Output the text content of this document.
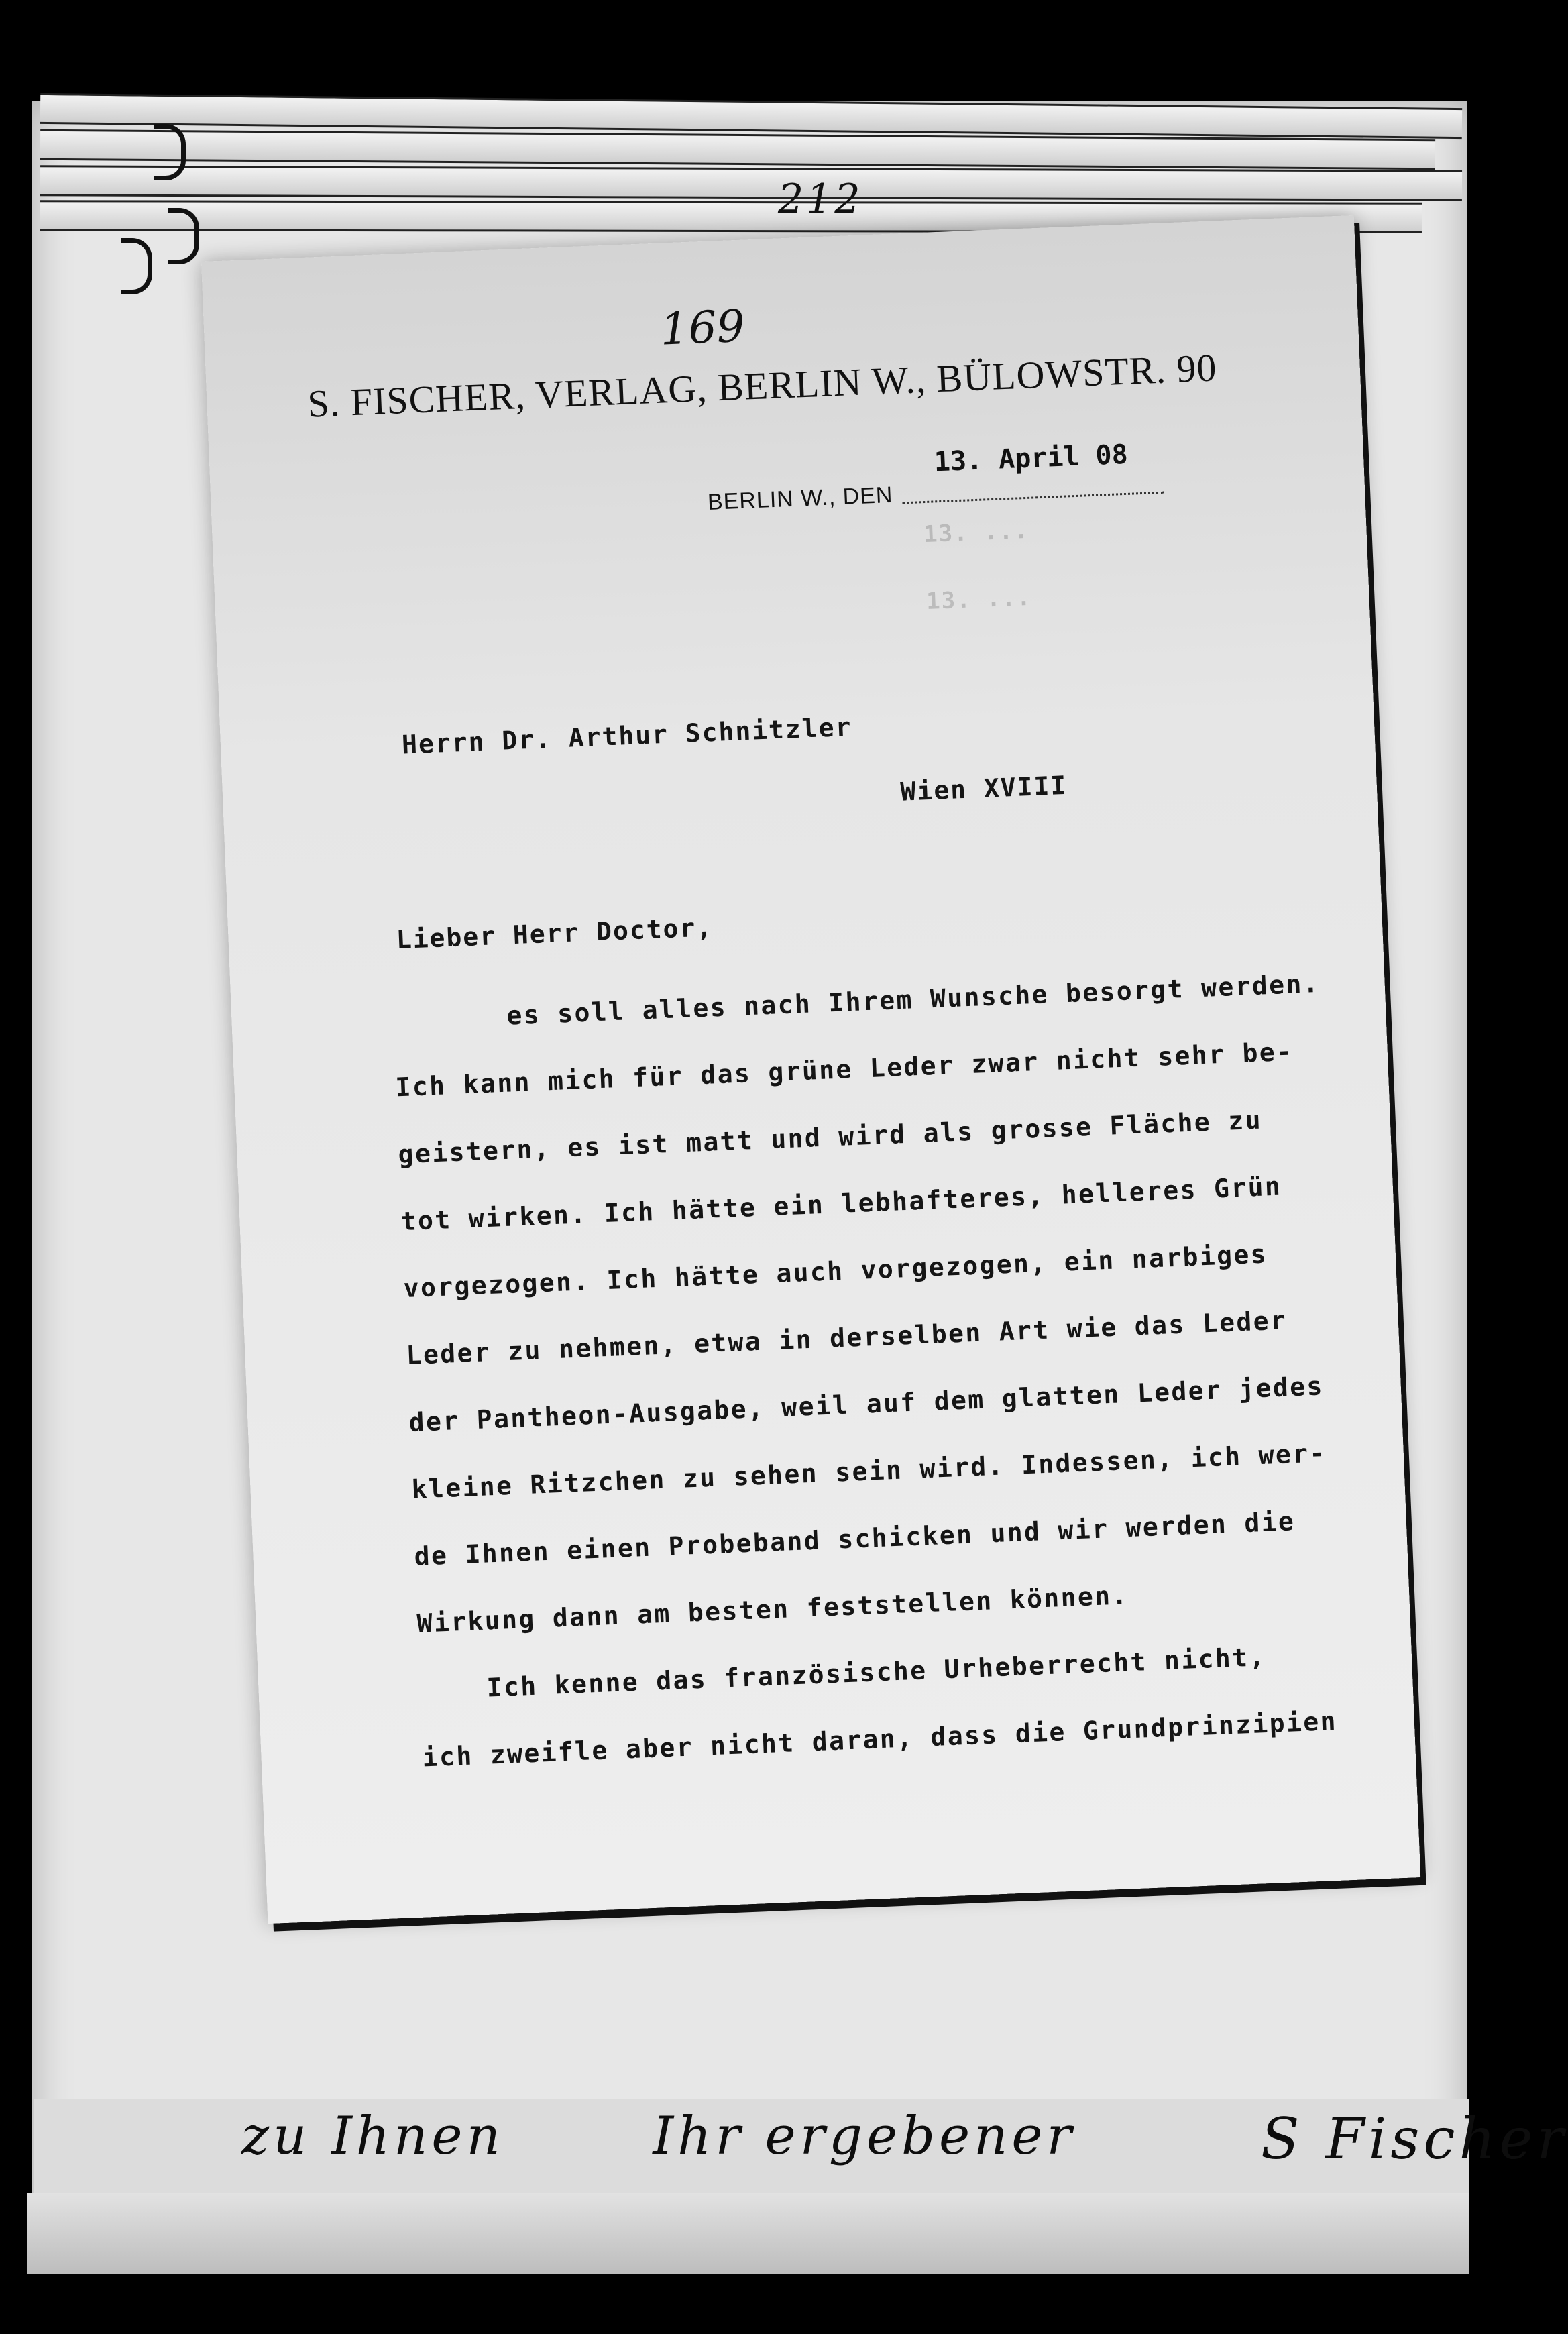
212
169
S. FISCHER, VERLAG, BERLIN W., BÜLOWSTR. 90
13. April 08
BERLIN W., DEN
13. ...
13. ...
Herrn Dr. Arthur Schnitzler
Wien XVIII
Lieber Herr Doctor,
es soll alles nach Ihrem Wunsche besorgt werden.
Ich kann mich für das grüne Leder zwar nicht sehr be-
geistern, es ist matt und wird als grosse Fläche zu
tot wirken. Ich hätte ein lebhafteres, helleres Grün
vorgezogen. Ich hätte auch vorgezogen, ein narbiges
Leder zu nehmen, etwa in derselben Art wie das Leder
der Pantheon-Ausgabe, weil auf dem glatten Leder jedes
kleine Ritzchen zu sehen sein wird. Indessen, ich wer-
de Ihnen einen Probeband schicken und wir werden die
Wirkung dann am besten feststellen können.
Ich kenne das französische Urheberrecht nicht,
ich zweifle aber nicht daran, dass die Grundprinzipien
zu Ihnen	Ihr ergebener	S Fischer
